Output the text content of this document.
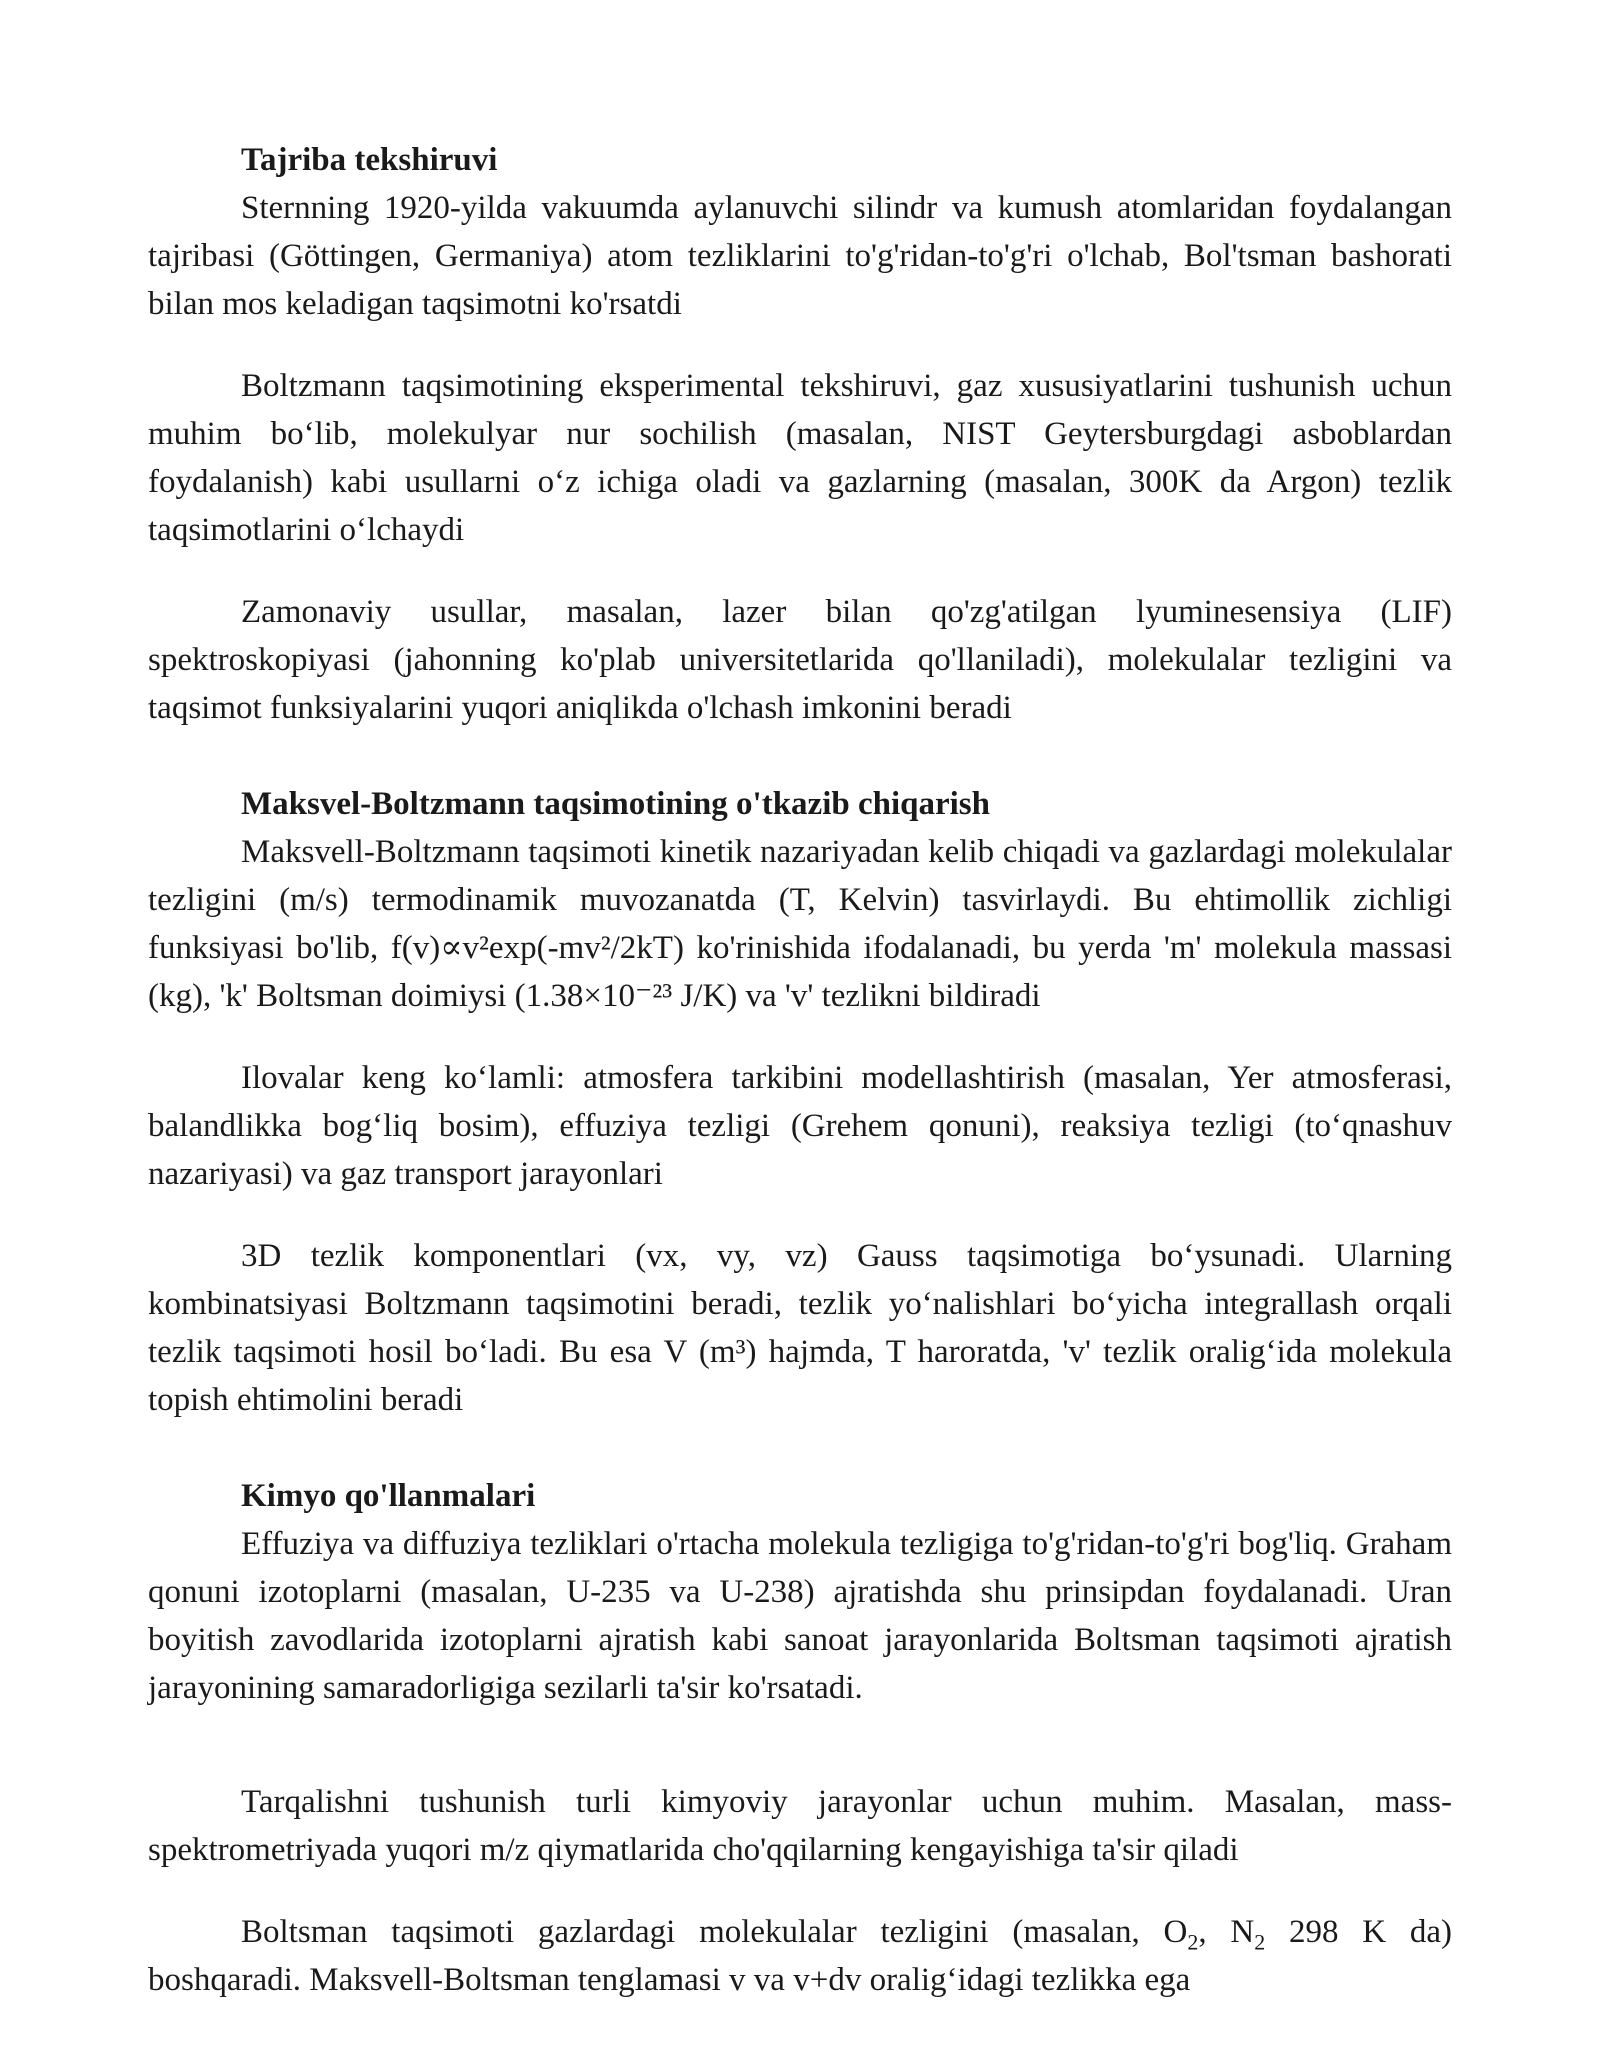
Tajriba tekshiruvi

Sternning 1920-yilda vakuumda aylanuvchi silindr va kumush atomlaridan foydalangan tajribasi (Göttingen, Germaniya) atom tezliklarini to'g'ridan-to'g'ri o'lchab, Bol'tsman bashorati bilan mos keladigan taqsimotni ko'rsatdi

Boltzmann taqsimotining eksperimental tekshiruvi, gaz xususiyatlarini tushunish uchun muhim boʻlib, molekulyar nur sochilish (masalan, NIST Geytersburgdagi asboblardan foydalanish) kabi usullarni oʻz ichiga oladi va gazlarning (masalan, 300K da Argon) tezlik taqsimotlarini oʻlchaydi

Zamonaviy usullar, masalan, lazer bilan qo'zg'atilgan lyuminesensiya (LIF) spektroskopiyasi (jahonning ko'plab universitetlarida qo'llaniladi), molekulalar tezligini va taqsimot funksiyalarini yuqori aniqlikda o'lchash imkonini beradi

Maksvel-Boltzmann taqsimotining o'tkazib chiqarish

Maksvell-Boltzmann taqsimoti kinetik nazariyadan kelib chiqadi va gazlardagi molekulalar tezligini (m/s) termodinamik muvozanatda (T, Kelvin) tasvirlaydi. Bu ehtimollik zichligi funksiyasi bo'lib, f(v)∝v²exp(-mv²/2kT) ko'rinishida ifodalanadi, bu yerda 'm' molekula massasi (kg), 'k' Boltsman doimiysi (1.38×10⁻²³ J/K) va 'v' tezlikni bildiradi

Ilovalar keng koʻlamli: atmosfera tarkibini modellashtirish (masalan, Yer atmosferasi, balandlikka bogʻliq bosim), effuziya tezligi (Grehem qonuni), reaksiya tezligi (toʻqnashuv nazariyasi) va gaz transport jarayonlari

3D tezlik komponentlari (vx, vy, vz) Gauss taqsimotiga boʻysunadi. Ularning kombinatsiyasi Boltzmann taqsimotini beradi, tezlik yoʻnalishlari boʻyicha integrallash orqali tezlik taqsimoti hosil boʻladi. Bu esa V (m³) hajmda, T haroratda, 'v' tezlik oraligʻida molekula topish ehtimolini beradi

Kimyo qo'llanmalari

Effuziya va diffuziya tezliklari o'rtacha molekula tezligiga to'g'ridan-to'g'ri bog'liq. Graham qonuni izotoplarni (masalan, U-235 va U-238) ajratishda shu prinsipdan foydalanadi. Uran boyitish zavodlarida izotoplarni ajratish kabi sanoat jarayonlarida Boltsman taqsimoti ajratish jarayonining samaradorligiga sezilarli ta'sir ko'rsatadi.

Tarqalishni tushunish turli kimyoviy jarayonlar uchun muhim. Masalan, mass-spektrometriyada yuqori m/z qiymatlarida cho'qqilarning kengayishiga ta'sir qiladi

Boltsman taqsimoti gazlardagi molekulalar tezligini (masalan, $O_2$, $N_2$ 298 K da) boshqaradi. Maksvell-Boltsman tenglamasi v va v+dv oraligʻidagi tezlikka ega
